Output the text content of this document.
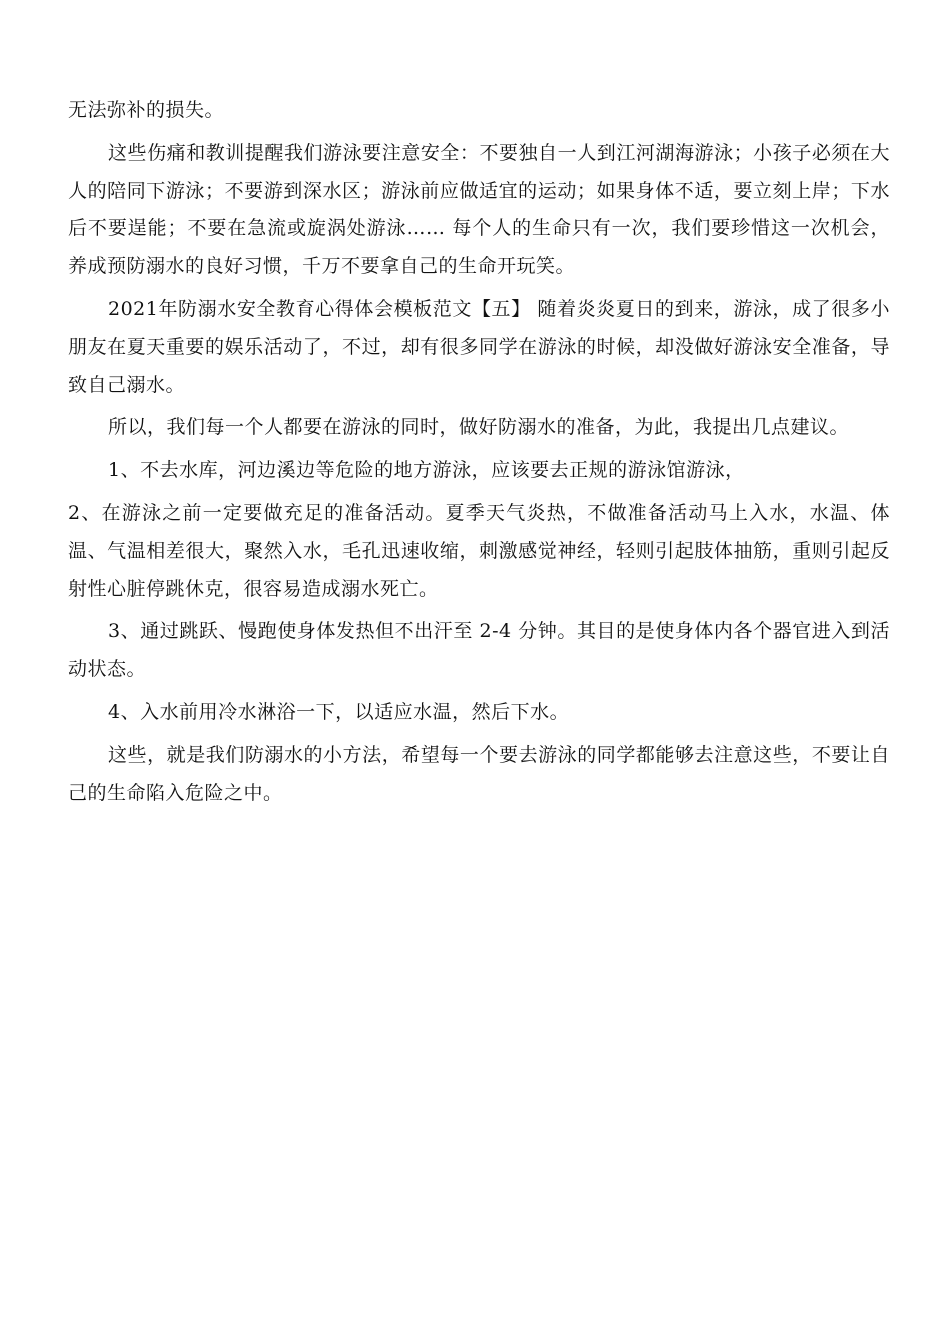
无法弥补的损失。

这些伤痛和教训提醒我们游泳要注意安全：不要独自一人到江河湖海游泳；小孩子必须在大人的陪同下游泳；不要游到深水区；游泳前应做适宜的运动；如果身体不适，要立刻上岸；下水后不要逞能；不要在急流或旋涡处游泳…… 每个人的生命只有一次，我们要珍惜这一次机会，养成预防溺水的良好习惯，千万不要拿自己的生命开玩笑。

2021年防溺水安全教育心得体会模板范文【五】 随着炎炎夏日的到来，游泳，成了很多小朋友在夏天重要的娱乐活动了，不过，却有很多同学在游泳的时候，却没做好游泳安全准备，导致自己溺水。

所以，我们每一个人都要在游泳的同时，做好防溺水的准备，为此，我提出几点建议。

1、不去水库，河边溪边等危险的地方游泳，应该要去正规的游泳馆游泳，

2、在游泳之前一定要做充足的准备活动。夏季天气炎热，不做准备活动马上入水，水温、体温、气温相差很大，聚然入水，毛孔迅速收缩，刺激感觉神经，轻则引起肢体抽筋，重则引起反射性心脏停跳休克，很容易造成溺水死亡。

3、通过跳跃、慢跑使身体发热但不出汗至 2-4 分钟。其目的是使身体内各个器官进入到活动状态。

4、入水前用冷水淋浴一下，以适应水温，然后下水。

这些，就是我们防溺水的小方法，希望每一个要去游泳的同学都能够去注意这些，不要让自己的生命陷入危险之中。
